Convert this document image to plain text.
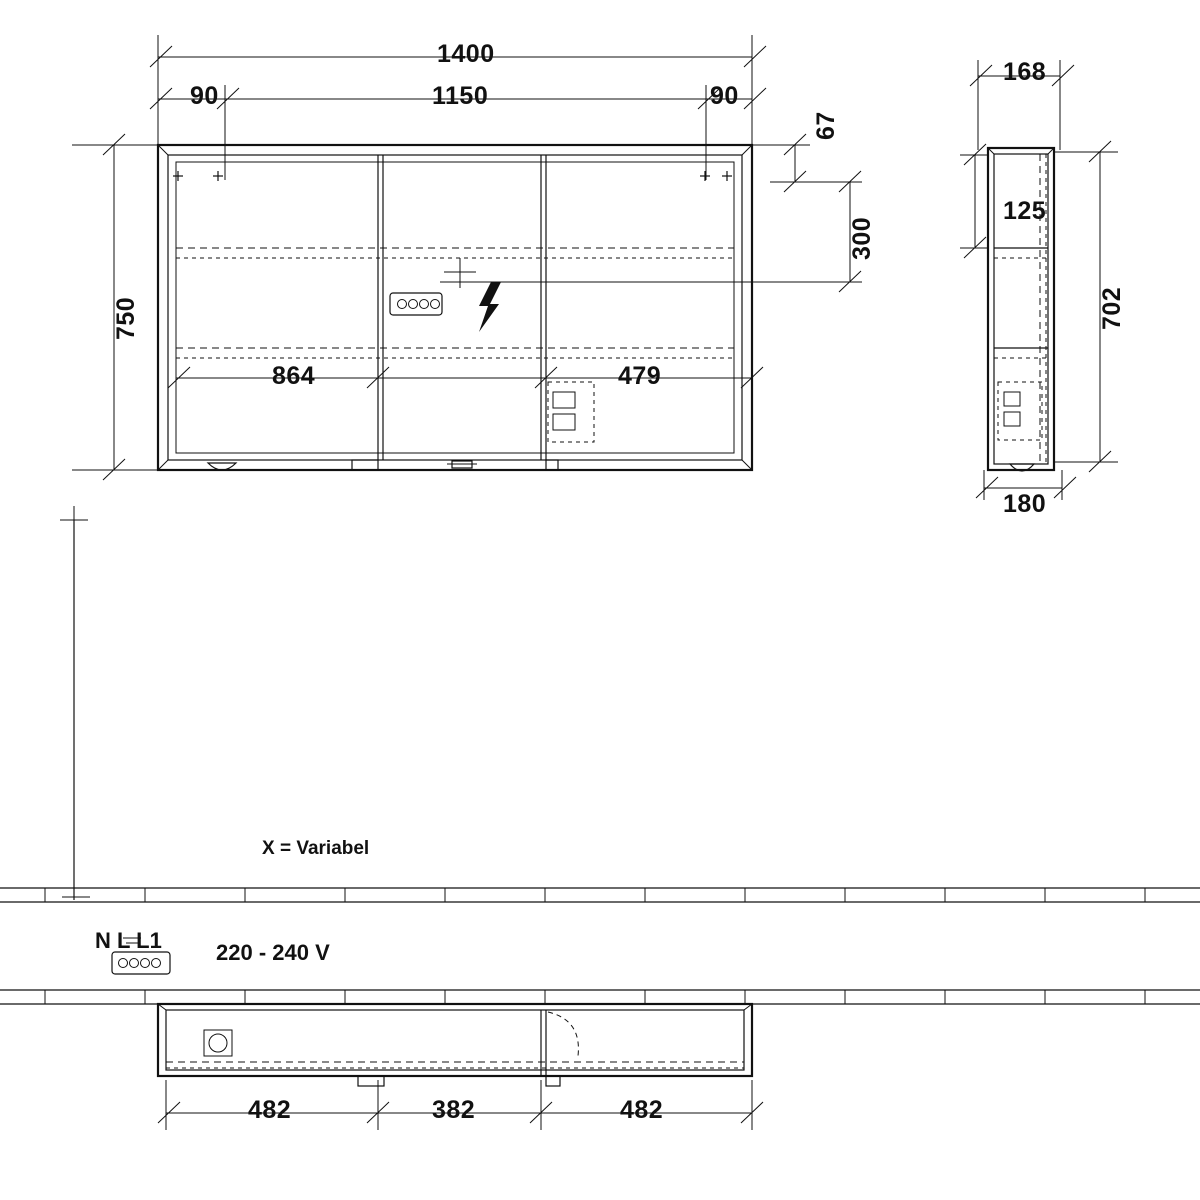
1400
90	1150	90
750
67
300
864	479
168
125
702
180
482	382	482
X = Variabel
N L L1 220 - 240 V
